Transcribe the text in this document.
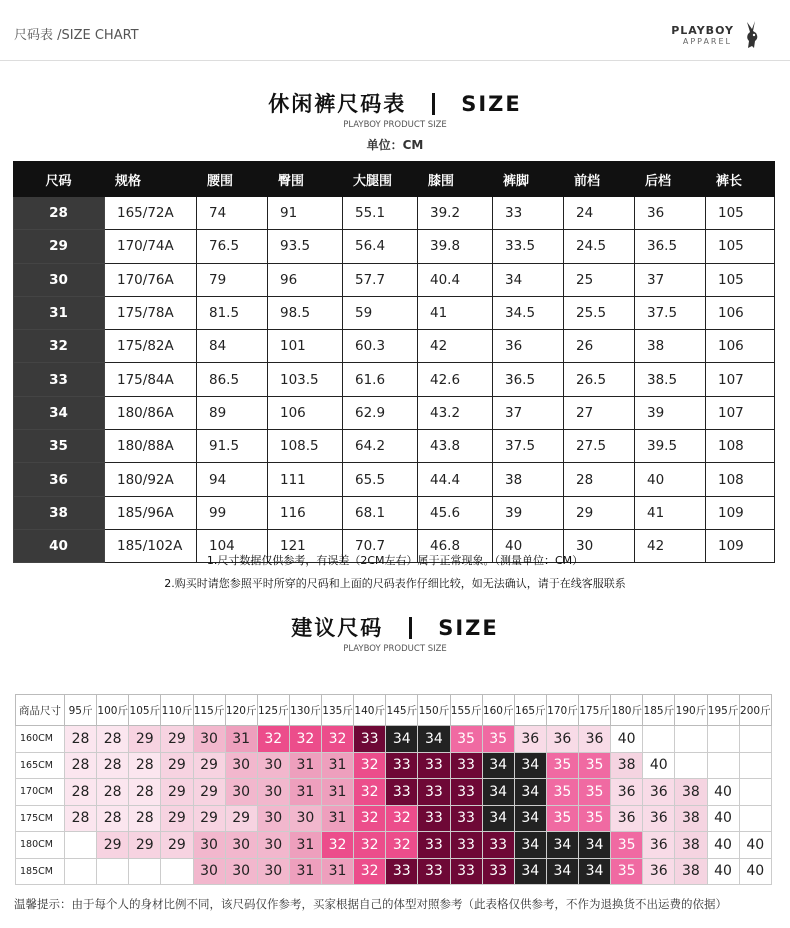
尺码表 /SIZE CHART	PLAYBOY
APPAREL
休闲裤尺码表	SIZE
PLAYBOY PRODUCT SIZE
单位：CM
尺码	规格	腰围	臀围	大腿围	膝围	裤脚	前档	后档	裤长
28	165/72A	74	91	55.1	39.2	33	24	36	105
29	170/74A	76.5	93.5	56.4	39.8	33.5	24.5	36.5	105
30	170/76A	79	96	57.7	40.4	34	25	37	105
31	175/78A	81.5	98.5	59	41	34.5	25.5	37.5	106
32	175/82A	84	101	60.3	42	36	26	38	106
33	175/84A	86.5	103.5	61.6	42.6	36.5	26.5	38.5	107
34	180/86A	89	106	62.9	43.2	37	27	39	107
35	180/88A	91.5	108.5	64.2	43.8	37.5	27.5	39.5	108
36	180/92A	94	111	65.5	44.4	38	28	40	108
38	185/96A	99	116	68.1	45.6	39	29	41	109
40	185/102A	104	121	70.7	46.8	40	30	42	109
1.尺寸数据仅供参考，有误差（2CM左右）属于正常现象。（测量单位：CM）
2.购买时请您参照平时所穿的尺码和上面的尺码表作仔细比较，如无法确认，请于在线客服联系
建议尺码	SIZE
PLAYBOY PRODUCT SIZE
商品尺寸	95斤	100斤	105斤	110斤	115斤	120斤	125斤	130斤	135斤	140斤	145斤	150斤	155斤	160斤	165斤	170斤	175斤	180斤	185斤	190斤	195斤	200斤
160CM	28	28	29	29	30	31	32	32	32	33	34	34	35	35	36	36	36	40				
165CM	28	28	28	29	29	30	30	31	31	32	33	33	33	34	34	35	35	38	40			
170CM	28	28	28	29	29	30	30	31	31	32	33	33	33	34	34	35	35	36	36	38	40	
175CM	28	28	28	29	29	29	30	30	31	32	32	33	33	34	34	35	35	36	36	38	40	
180CM		29	29	29	30	30	30	31	32	32	32	33	33	33	34	34	34	35	36	38	40	40
185CM					30	30	30	31	31	32	33	33	33	33	34	34	34	35	36	38	40	40
温馨提示：由于每个人的身材比例不同，该尺码仅作参考，买家根据自己的体型对照参考（此表格仅供参考，不作为退换货不出运费的依据）
